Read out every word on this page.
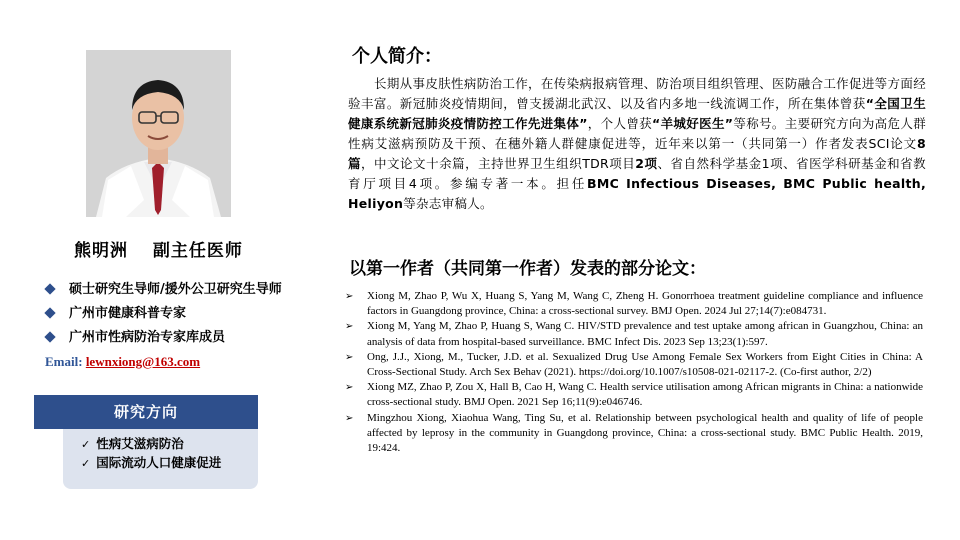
熊明洲 副主任医师
硕士研究生导师/援外公卫研究生导师
广州市健康科普专家
广州市性病防治专家库成员
Email: lewnxiong@163.com
研究方向
✓ 性病艾滋病防治
✓ 国际流动人口健康促进
个人简介：
长期从事皮肤性病防治工作，在传染病报病管理、防治项目组织管理、医防融合工作促进等方面经验丰富。新冠肺炎疫情期间，曾支援湖北武汉、以及省内多地一线流调工作，所在集体曾获“全国卫生健康系统新冠肺炎疫情防控工作先进集体”，个人曾获“羊城好医生”等称号。主要研究方向为高危人群性病艾滋病预防及干预、在穗外籍人群健康促进等，近年来以第一（共同第一）作者发表SCI论文8篇，中文论文十余篇，主持世界卫生组织TDR项目2项、省自然科学基金1项、省医学科研基金和省教育厅项目4项。参编专著一本。担任BMC Infectious Diseases, BMC Public health, Heliyon等杂志审稿人。
以第一作者（共同第一作者）发表的部分论文：
➢ Xiong M, Zhao P, Wu X, Huang S, Yang M, Wang C, Zheng H. Gonorrhoea treatment guideline compliance and influence factors in Guangdong province, China: a cross-sectional survey. BMJ Open. 2024 Jul 27;14(7):e084731.
➢ Xiong M, Yang M, Zhao P, Huang S, Wang C. HIV/STD prevalence and test uptake among african in Guangzhou, China: an analysis of data from hospital-based surveillance. BMC Infect Dis. 2023 Sep 13;23(1):597.
➢ Ong, J.J., Xiong, M., Tucker, J.D. et al. Sexualized Drug Use Among Female Sex Workers from Eight Cities in China: A Cross-Sectional Study. Arch Sex Behav (2021). https://doi.org/10.1007/s10508-021-02117-2. (Co-first author, 2/2)
➢ Xiong MZ, Zhao P, Zou X, Hall B, Cao H, Wang C. Health service utilisation among African migrants in China: a nationwide cross-sectional study. BMJ Open. 2021 Sep 16;11(9):e046746.
➢ Mingzhou Xiong, Xiaohua Wang, Ting Su, et al. Relationship between psychological health and quality of life of people affected by leprosy in the community in Guangdong province, China: a cross-sectional study. BMC Public Health. 2019, 19:424.
